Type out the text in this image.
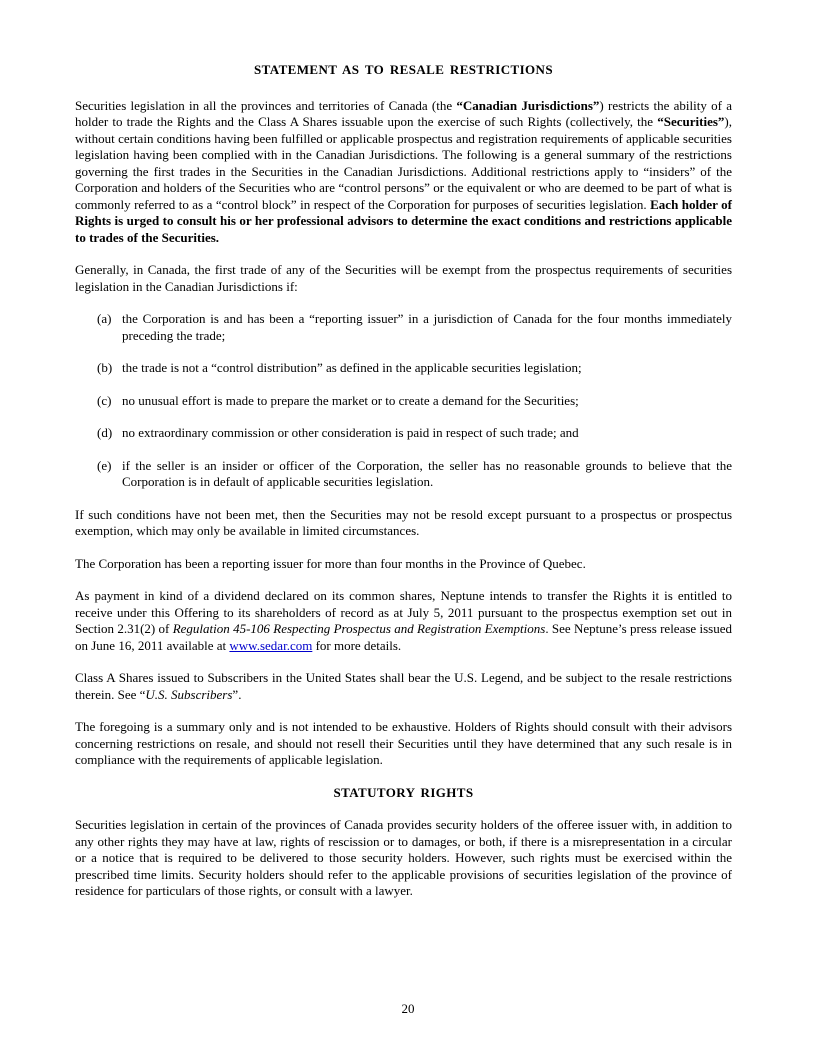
STATEMENT AS TO RESALE RESTRICTIONS

Securities legislation in all the provinces and territories of Canada (the “Canadian Jurisdictions”) restricts the ability of a holder to trade the Rights and the Class A Shares issuable upon the exercise of such Rights (collectively, the “Securities”), without certain conditions having been fulfilled or applicable prospectus and registration requirements of applicable securities legislation having been complied with in the Canadian Jurisdictions. The following is a general summary of the restrictions governing the first trades in the Securities in the Canadian Jurisdictions. Additional restrictions apply to “insiders” of the Corporation and holders of the Securities who are “control persons” or the equivalent or who are deemed to be part of what is commonly referred to as a “control block” in respect of the Corporation for purposes of securities legislation. Each holder of Rights is urged to consult his or her professional advisors to determine the exact conditions and restrictions applicable to trades of the Securities.

Generally, in Canada, the first trade of any of the Securities will be exempt from the prospectus requirements of securities legislation in the Canadian Jurisdictions if:

(a) the Corporation is and has been a “reporting issuer” in a jurisdiction of Canada for the four months immediately preceding the trade;
(b) the trade is not a “control distribution” as defined in the applicable securities legislation;
(c) no unusual effort is made to prepare the market or to create a demand for the Securities;
(d) no extraordinary commission or other consideration is paid in respect of such trade; and
(e) if the seller is an insider or officer of the Corporation, the seller has no reasonable grounds to believe that the Corporation is in default of applicable securities legislation.

If such conditions have not been met, then the Securities may not be resold except pursuant to a prospectus or prospectus exemption, which may only be available in limited circumstances.

The Corporation has been a reporting issuer for more than four months in the Province of Quebec.

As payment in kind of a dividend declared on its common shares, Neptune intends to transfer the Rights it is entitled to receive under this Offering to its shareholders of record as at July 5, 2011 pursuant to the prospectus exemption set out in Section 2.31(2) of Regulation 45-106 Respecting Prospectus and Registration Exemptions. See Neptune’s press release issued on June 16, 2011 available at www.sedar.com for more details.

Class A Shares issued to Subscribers in the United States shall bear the U.S. Legend, and be subject to the resale restrictions therein. See “U.S. Subscribers”.

The foregoing is a summary only and is not intended to be exhaustive. Holders of Rights should consult with their advisors concerning restrictions on resale, and should not resell their Securities until they have determined that any such resale is in compliance with the requirements of applicable legislation.

STATUTORY RIGHTS

Securities legislation in certain of the provinces of Canada provides security holders of the offeree issuer with, in addition to any other rights they may have at law, rights of rescission or to damages, or both, if there is a misrepresentation in a circular or a notice that is required to be delivered to those security holders. However, such rights must be exercised within the prescribed time limits. Security holders should refer to the applicable provisions of securities legislation of the province of residence for particulars of those rights, or consult with a lawyer.

20
